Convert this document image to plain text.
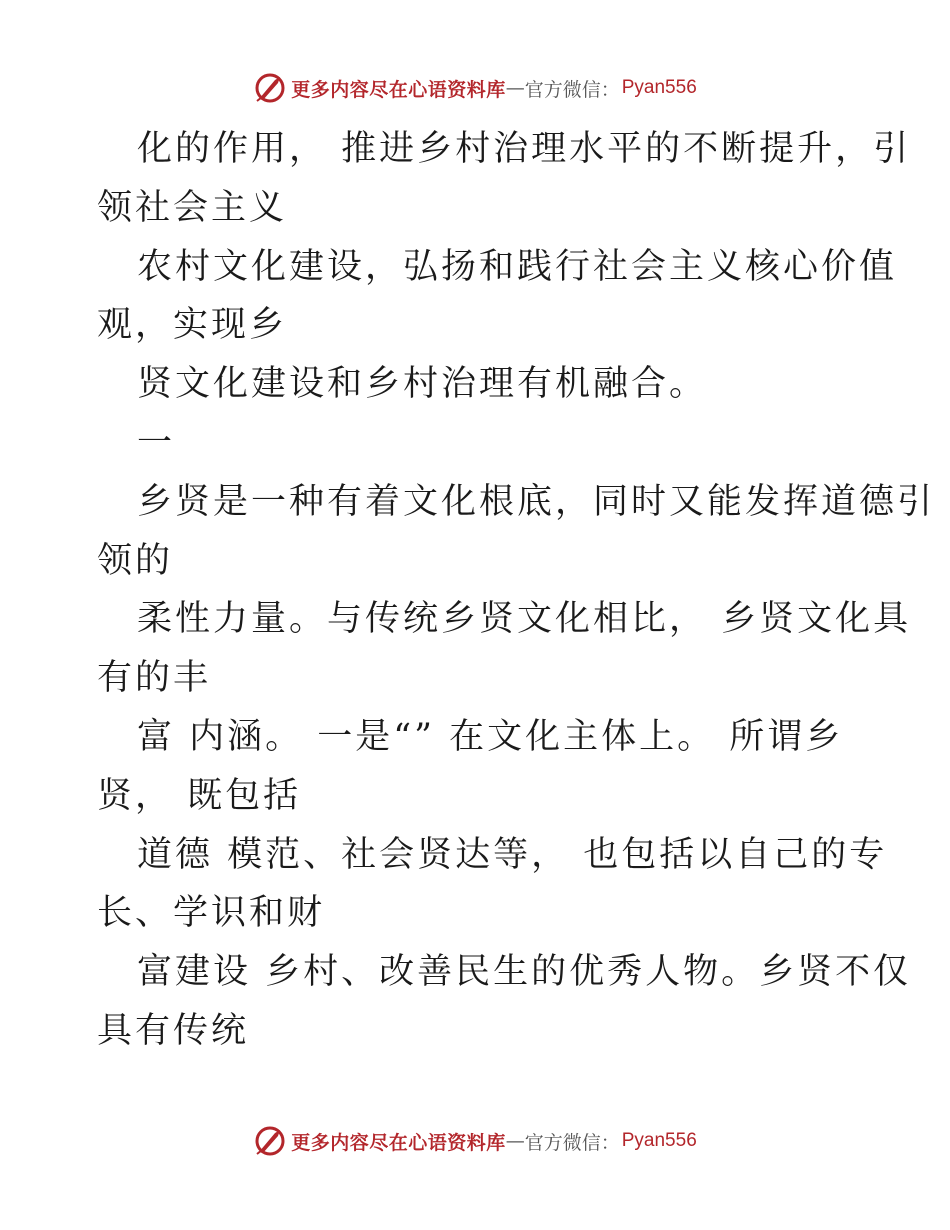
更多内容尽在心语资料库 — 官方微信： Pyan556
化的作用， 推进乡村治理水平的不断提升，引
领社会主义
农村文化建设，弘扬和践行社会主义核心价值
观，实现乡
贤文化建设和乡村治理有机融合。
一
乡贤是一种有着文化根底，同时又能发挥道德引
领的
柔性力量。与传统乡贤文化相比， 乡贤文化具
有的丰
富 内涵。 一是“” 在文化主体上。 所谓乡
贤， 既包括
道德 模范、社会贤达等， 也包括以自己的专
长、学识和财
富建设 乡村、改善民生的优秀人物。乡贤不仅
具有传统
更多内容尽在心语资料库 — 官方微信： Pyan556
